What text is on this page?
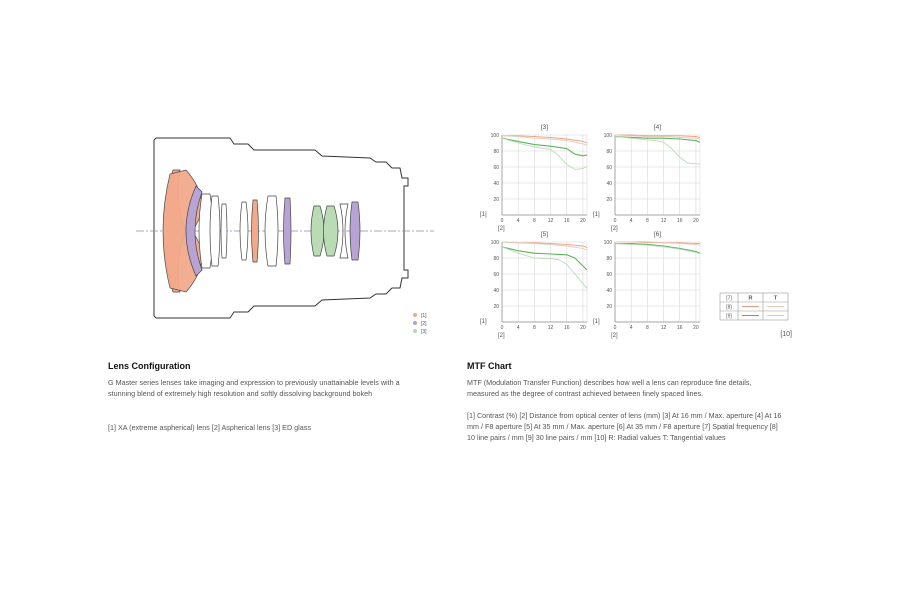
[1]
[2]
[3]
[3]
20
40
60
80
100
0	4	8 12 16 20
[1]
[2]
[4]
20
40
60
80
100
0	4	8 12 16 20
[1]
[2]
[5]
20
40
60
80
100
0	4	8 12 16 20
[1]
[2]
[6]
20
40
60
80
100
0	4	8 12 16 20
[1]
[2]
[7]	R	T
[8]
[9]
[10]
Lens Configuration
G Master series lenses take imaging and expression to previously unattainable levels with a stunning blend of extremely high resolution and softly dissolving background bokeh
[1] XA (extreme aspherical) lens [2] Aspherical lens [3] ED glass
MTF Chart
MTF (Modulation Transfer Function) describes how well a lens can reproduce fine details, measured as the degree of contrast achieved between finely spaced lines.
[1] Contrast (%) [2] Distance from optical center of lens (mm) [3] At 16 mm / Max. aperture [4] At 16 mm / F8 aperture [5] At 35 mm / Max. aperture [6] At 35 mm / F8 aperture [7] Spatial frequency [8] 10 line pairs / mm [9] 30 line pairs / mm [10] R: Radial values T: Tangential values
